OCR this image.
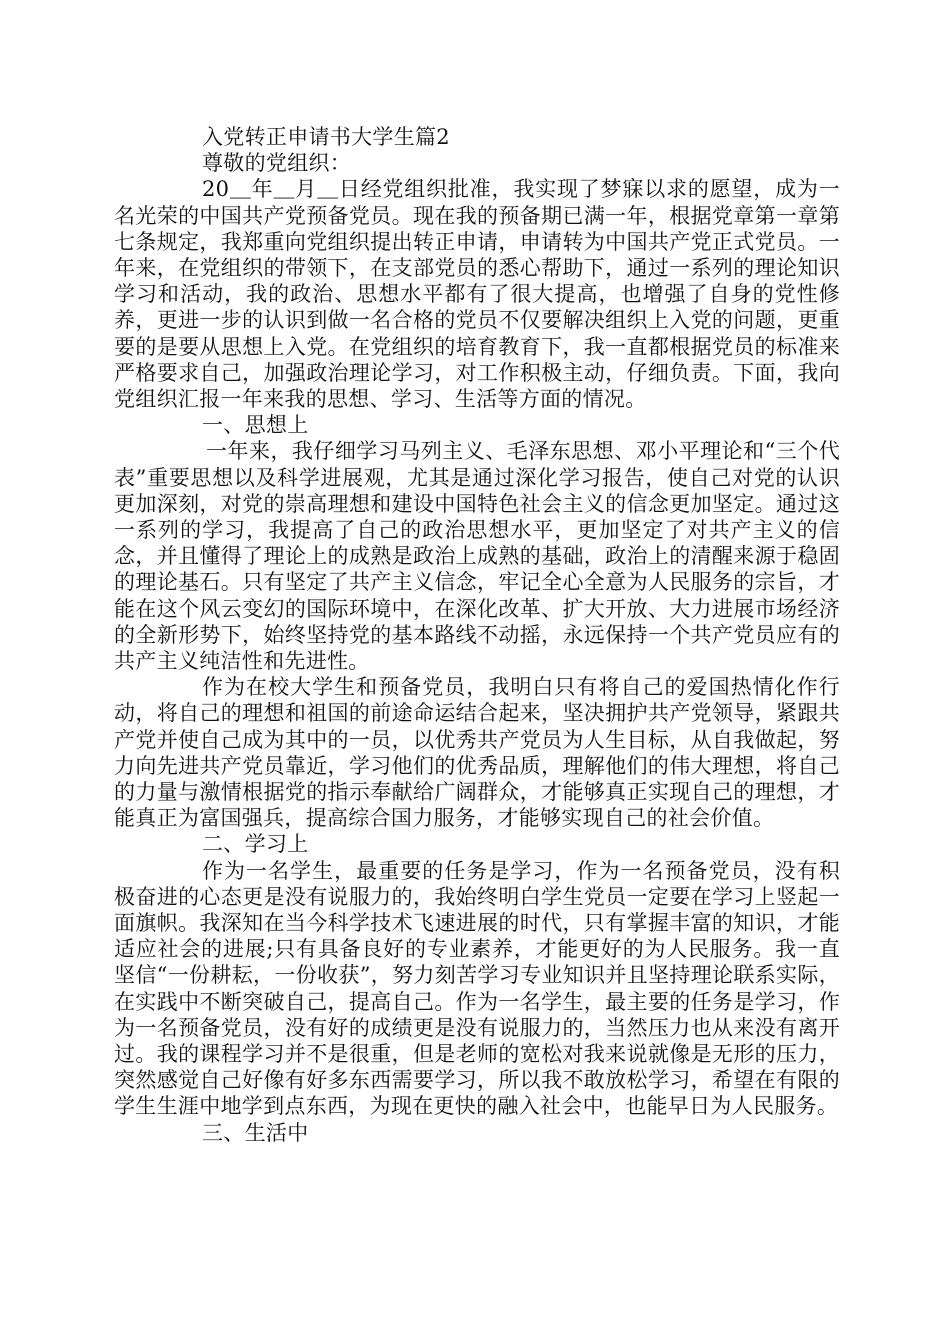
入党转正申请书大学生篇2

尊敬的党组织：

20＿年＿月＿日经党组织批准，我实现了梦寐以求的愿望，成为一名光荣的中国共产党预备党员。现在我的预备期已满一年，根据党章第一章第七条规定，我郑重向党组织提出转正申请，申请转为中国共产党正式党员。一年来，在党组织的带领下，在支部党员的悉心帮助下，通过一系列的理论知识学习和活动，我的政治、思想水平都有了很大提高，也增强了自身的党性修养，更进一步的认识到做一名合格的党员不仅要解决组织上入党的问题，更重要的是要从思想上入党。在党组织的培育教育下，我一直都根据党员的标准来严格要求自己，加强政治理论学习，对工作积极主动，仔细负责。下面，我向党组织汇报一年来我的思想、学习、生活等方面的情况。

一、思想上

一年来，我仔细学习马列主义、毛泽东思想、邓小平理论和“三个代表”重要思想以及科学进展观，尤其是通过深化学习报告，使自己对党的认识更加深刻，对党的崇高理想和建设中国特色社会主义的信念更加坚定。通过这一系列的学习，我提高了自己的政治思想水平，更加坚定了对共产主义的信念，并且懂得了理论上的成熟是政治上成熟的基础，政治上的清醒来源于稳固的理论基石。只有坚定了共产主义信念，牢记全心全意为人民服务的宗旨，才能在这个风云变幻的国际环境中，在深化改革、扩大开放、大力进展市场经济的全新形势下，始终坚持党的基本路线不动摇，永远保持一个共产党员应有的共产主义纯洁性和先进性。

作为在校大学生和预备党员，我明白只有将自己的爱国热情化作行动，将自己的理想和祖国的前途命运结合起来，坚决拥护共产党领导，紧跟共产党并使自己成为其中的一员，以优秀共产党员为人生目标，从自我做起，努力向先进共产党员靠近，学习他们的优秀品质，理解他们的伟大理想，将自己的力量与激情根据党的指示奉献给广阔群众，才能够真正实现自己的理想，才能真正为富国强兵，提高综合国力服务，才能够实现自己的社会价值。

二、学习上

作为一名学生，最重要的任务是学习，作为一名预备党员，没有积极奋进的心态更是没有说服力的，我始终明白学生党员一定要在学习上竖起一面旗帜。我深知在当今科学技术飞速进展的时代，只有掌握丰富的知识，才能适应社会的进展;只有具备良好的专业素养，才能更好的为人民服务。我一直坚信“一份耕耘，一份收获”，努力刻苦学习专业知识并且坚持理论联系实际，在实践中不断突破自己，提高自己。作为一名学生，最主要的任务是学习，作为一名预备党员，没有好的成绩更是没有说服力的，当然压力也从来没有离开过。我的课程学习并不是很重，但是老师的宽松对我来说就像是无形的压力，突然感觉自己好像有好多东西需要学习，所以我不敢放松学习，希望在有限的学生生涯中地学到点东西，为现在更快的融入社会中，也能早日为人民服务。

三、生活中
